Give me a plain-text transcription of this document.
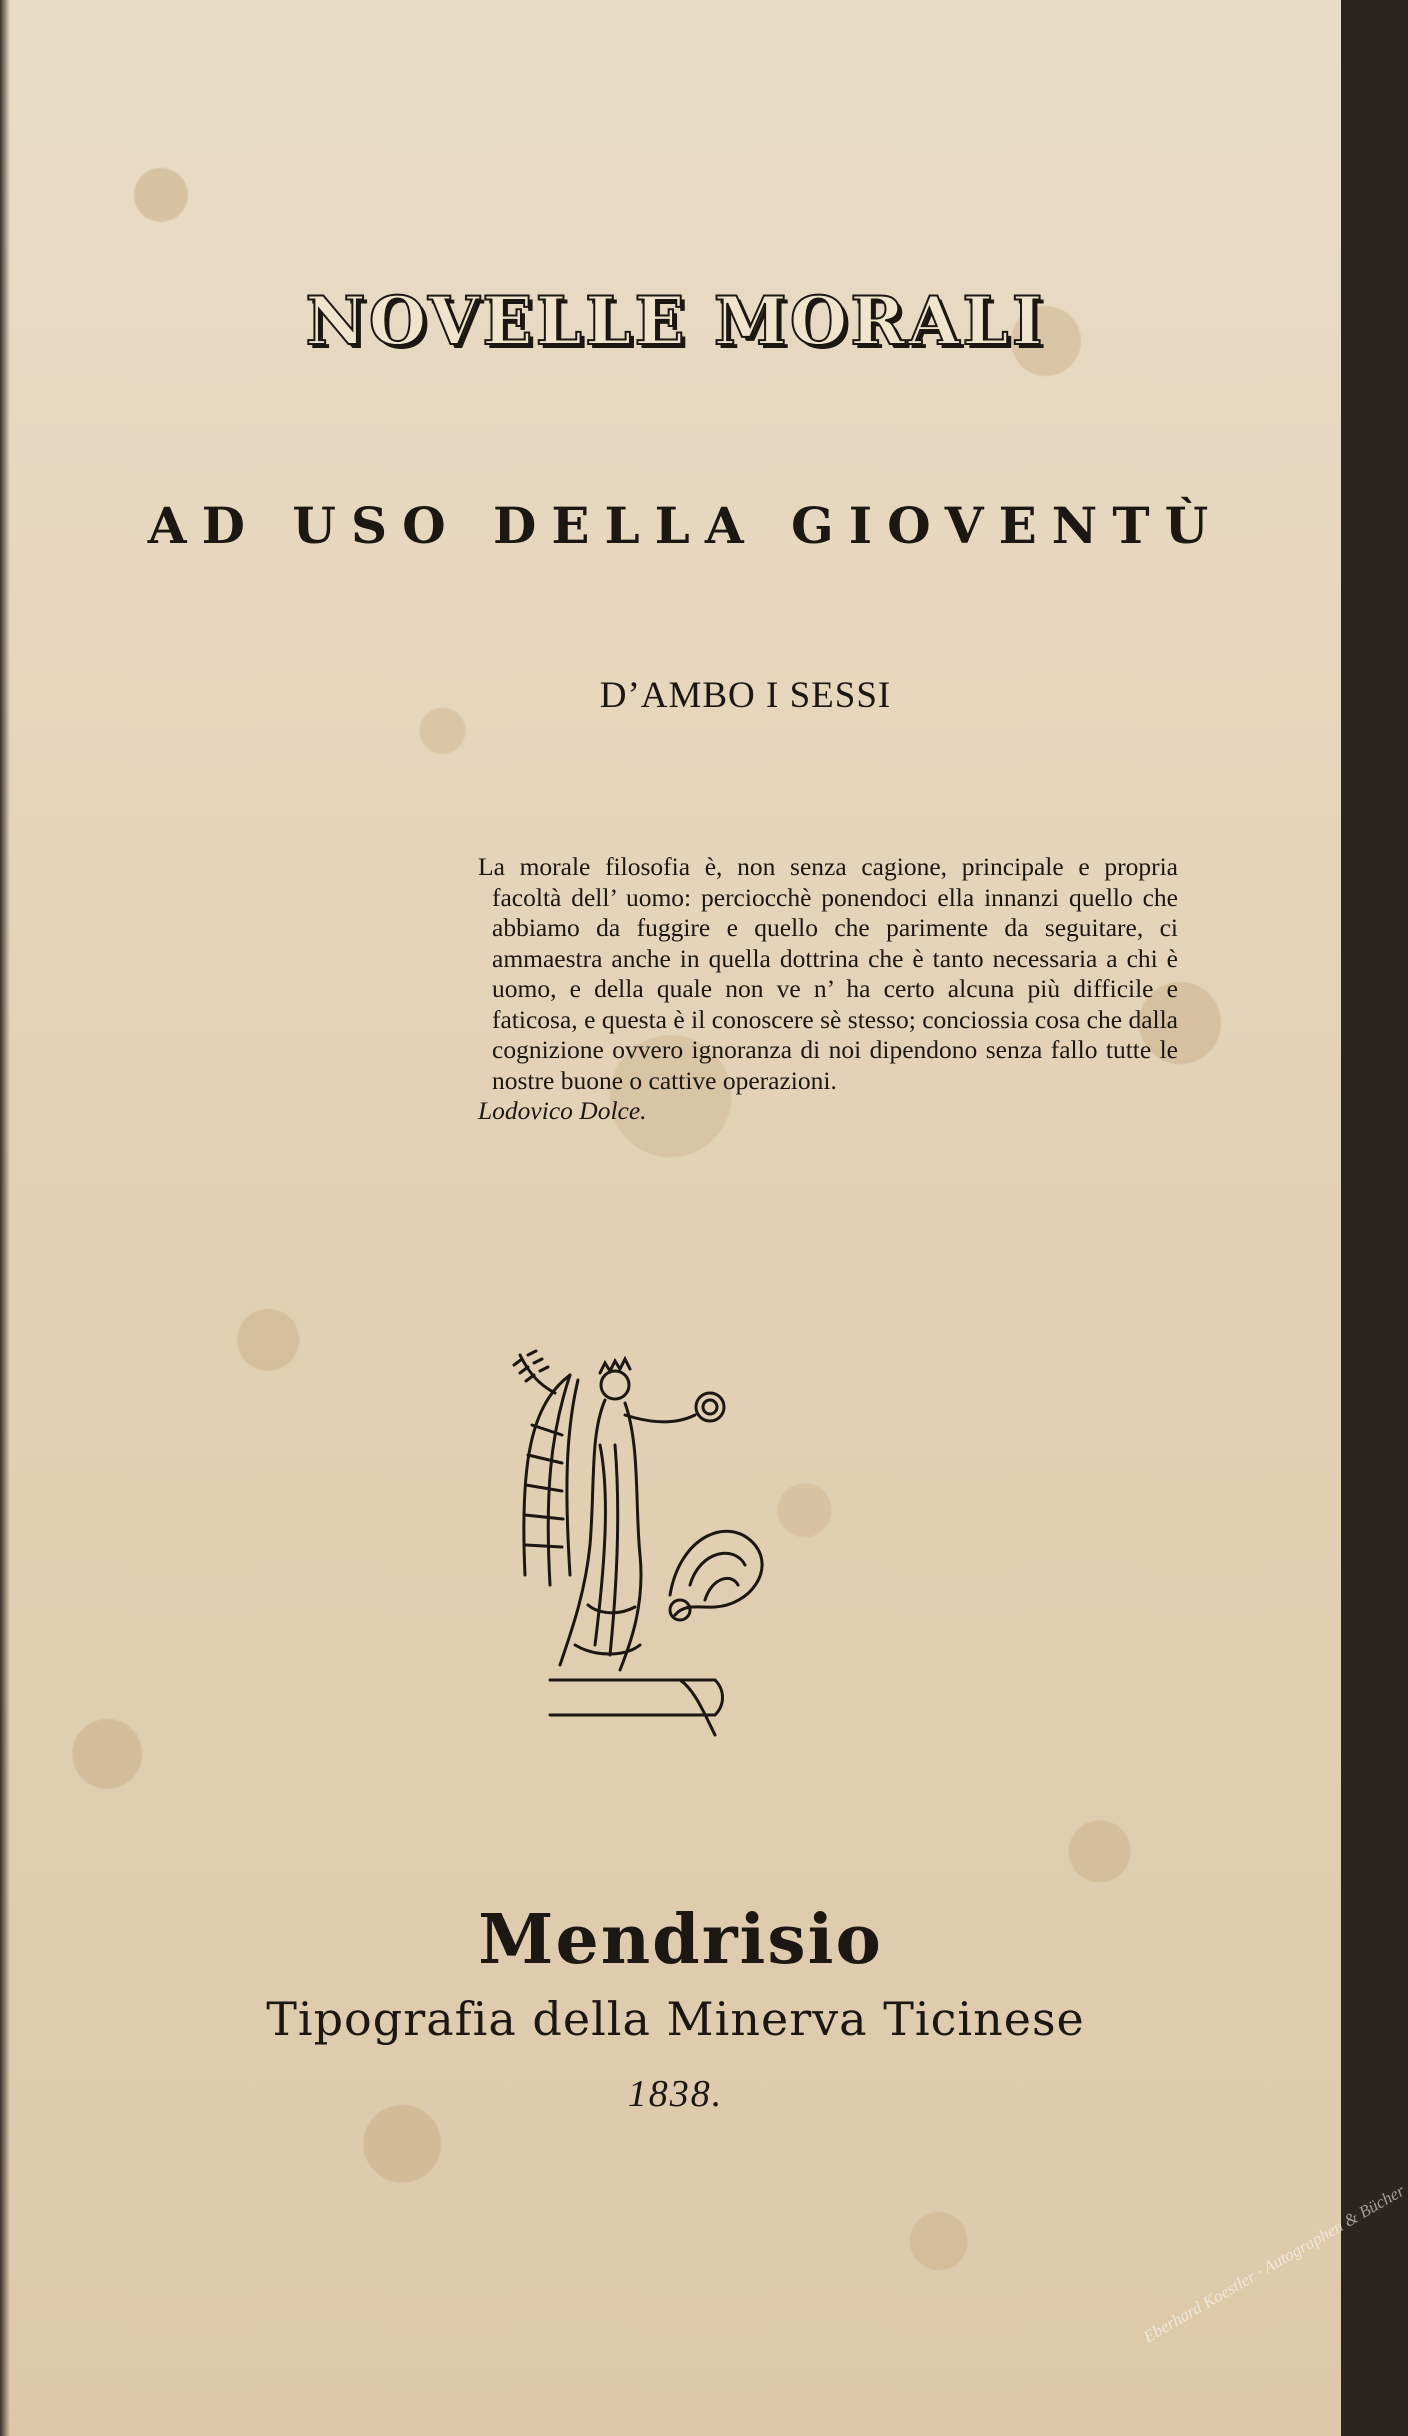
NOVELLE MORALI
AD USO DELLA GIOVENTÙ
D’AMBO I SESSI

La morale filosofia è, non senza cagione, principale e propria facoltà dell’ uomo: perciocchè ponendoci ella innanzi quello che abbiamo da fuggire e quello che parimente da seguitare, ci ammaestra anche in quella dottrina che è tanto necessaria a chi è uomo, e della quale non ve n’ ha certo alcuna più difficile e faticosa, e questa è il conoscere sè stesso; conciossia cosa che dalla cognizione ovvero ignoranza di noi dipendono senza fallo tutte le nostre buone o cattive operazioni.

Lodovico Dolce.

Mendrisio
Tipografia della Minerva Ticinese
1838.
Eberhard Koestler · Autographen & Bücher
